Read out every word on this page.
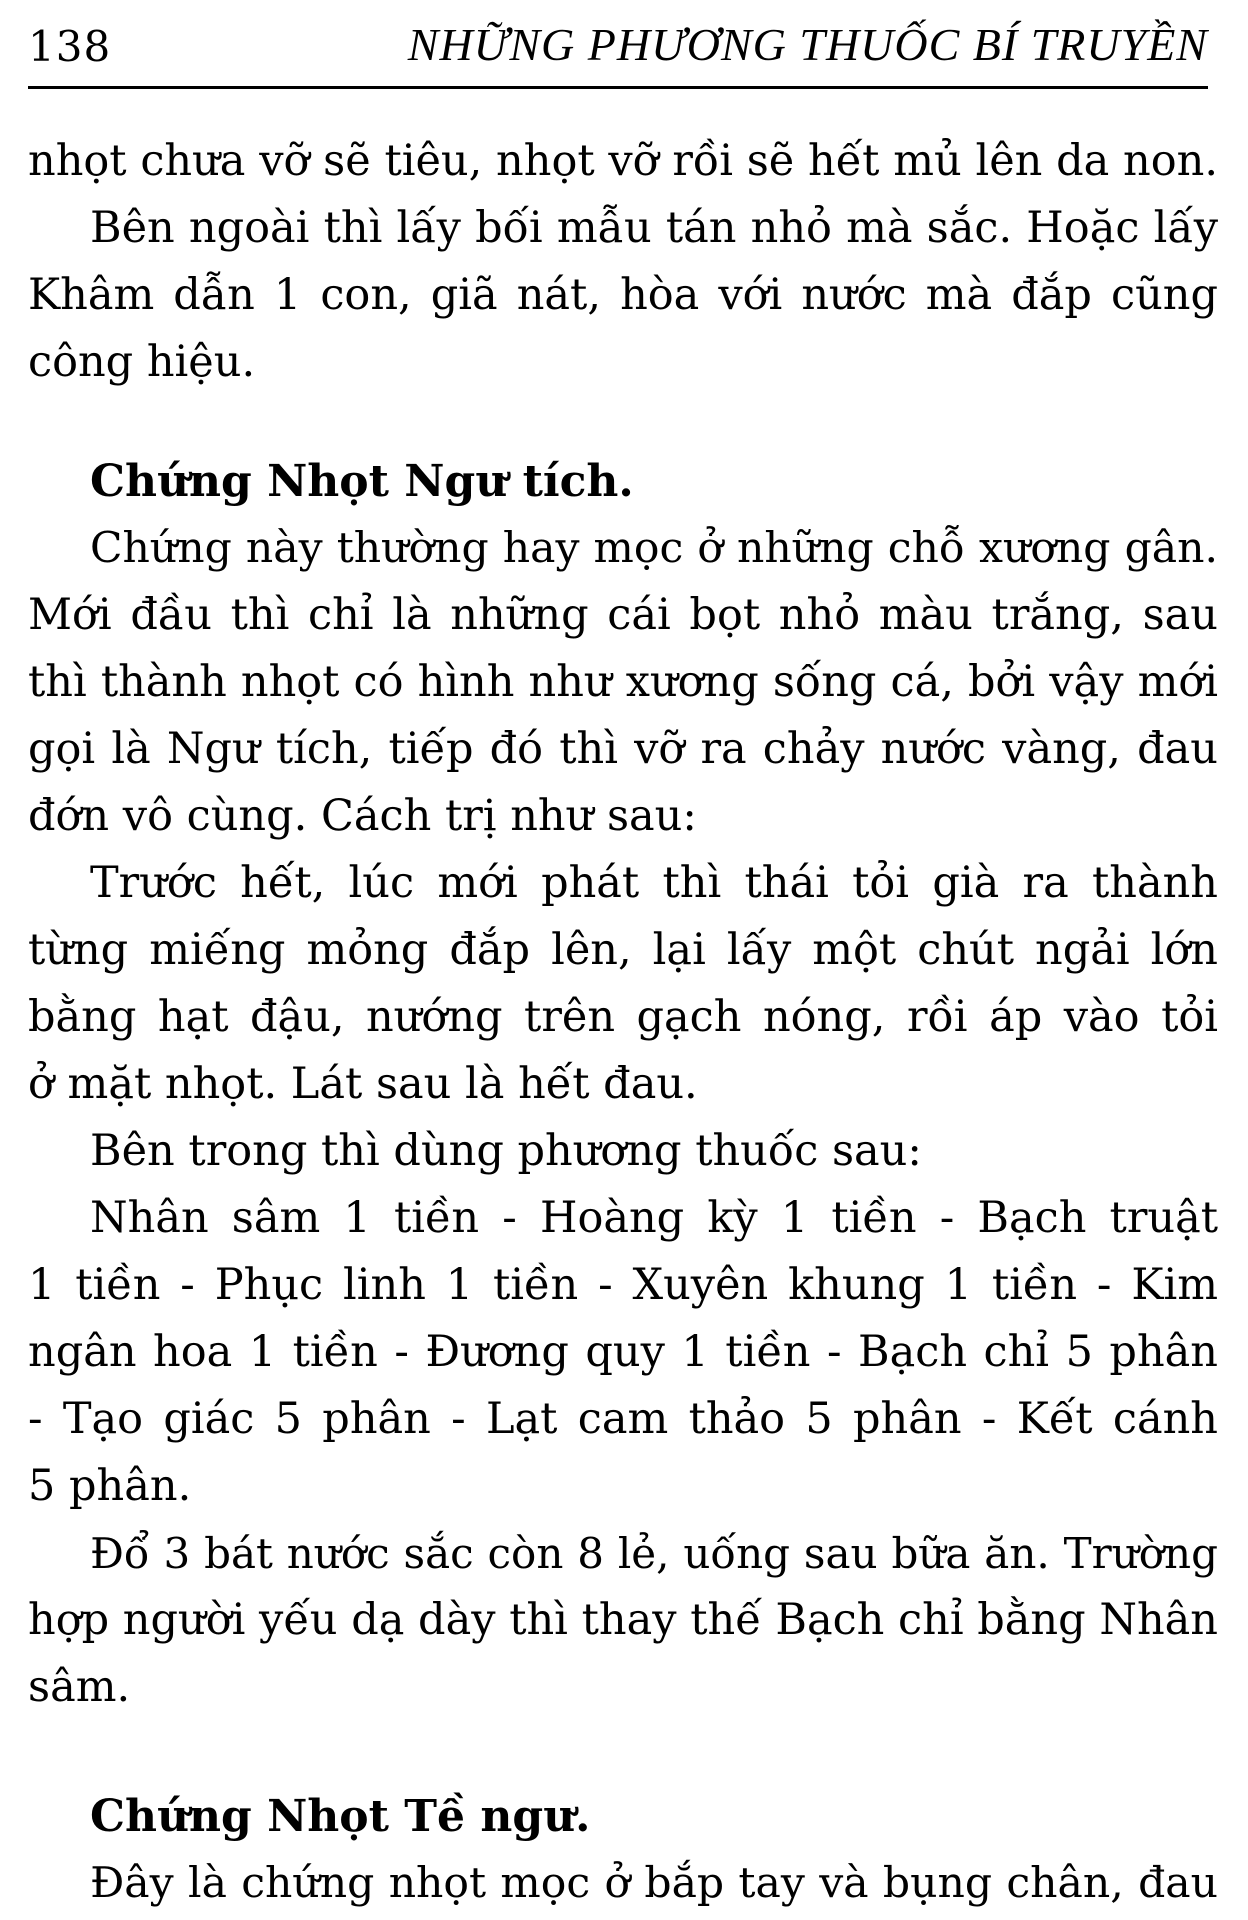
138	NHỮNG PHƯƠNG THUỐC BÍ TRUYỀN
nhọt chưa vỡ sẽ tiêu, nhọt vỡ rồi sẽ hết mủ lên da non.
Bên ngoài thì lấy bối mẫu tán nhỏ mà sắc. Hoặc lấy
Khâm dẫn 1 con, giã nát, hòa với nước mà đắp cũng
công hiệu.
Chứng Nhọt Ngư tích.
Chứng này thường hay mọc ở những chỗ xương gân.
Mới đầu thì chỉ là những cái bọt nhỏ màu trắng, sau
thì thành nhọt có hình như xương sống cá, bởi vậy mới
gọi là Ngư tích, tiếp đó thì vỡ ra chảy nước vàng, đau
đớn vô cùng. Cách trị như sau:
Trước hết, lúc mới phát thì thái tỏi già ra thành
từng miếng mỏng đắp lên, lại lấy một chút ngải lớn
bằng hạt đậu, nướng trên gạch nóng, rồi áp vào tỏi
ở mặt nhọt. Lát sau là hết đau.
Bên trong thì dùng phương thuốc sau:
Nhân sâm 1 tiền - Hoàng kỳ 1 tiền - Bạch truật
1 tiền - Phục linh 1 tiền - Xuyên khung 1 tiền - Kim
ngân hoa 1 tiền - Đương quy 1 tiền - Bạch chỉ 5 phân
- Tạo giác 5 phân - Lạt cam thảo 5 phân - Kết cánh
5 phân.
Đổ 3 bát nước sắc còn 8 lẻ, uống sau bữa ăn. Trường
hợp người yếu dạ dày thì thay thế Bạch chỉ bằng Nhân
sâm.
Chứng Nhọt Tề ngư.
Đây là chứng nhọt mọc ở bắp tay và bụng chân, đau
